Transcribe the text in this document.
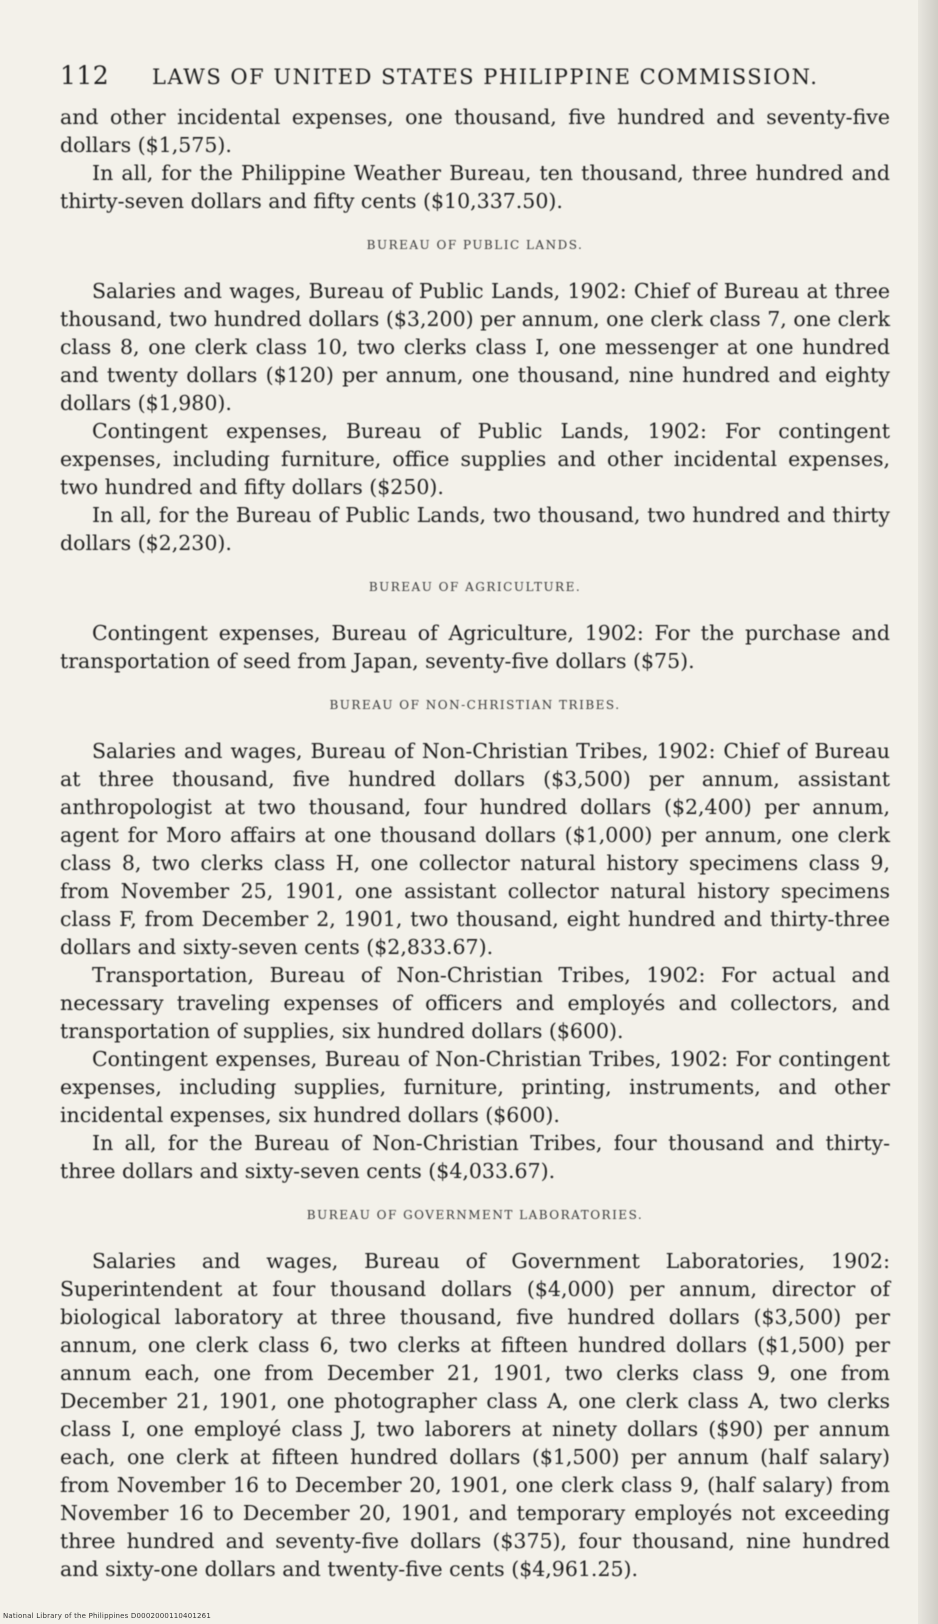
112	LAWS OF UNITED STATES PHILIPPINE COMMISSION.

and other incidental expenses, one thousand, five hundred and seventy-five dollars ($1,575).

In all, for the Philippine Weather Bureau, ten thousand, three hundred and thirty-seven dollars and fifty cents ($10,337.50).

BUREAU OF PUBLIC LANDS.

Salaries and wages, Bureau of Public Lands, 1902: Chief of Bureau at three thousand, two hundred dollars ($3,200) per annum, one clerk class 7, one clerk class 8, one clerk class 10, two clerks class I, one messenger at one hundred and twenty dollars ($120) per annum, one thousand, nine hundred and eighty dollars ($1,980).

Contingent expenses, Bureau of Public Lands, 1902: For contingent expenses, including furniture, office supplies and other incidental expenses, two hundred and fifty dollars ($250).

In all, for the Bureau of Public Lands, two thousand, two hundred and thirty dollars ($2,230).

BUREAU OF AGRICULTURE.

Contingent expenses, Bureau of Agriculture, 1902: For the purchase and transportation of seed from Japan, seventy-five dollars ($75).

BUREAU OF NON-CHRISTIAN TRIBES.

Salaries and wages, Bureau of Non-Christian Tribes, 1902: Chief of Bureau at three thousand, five hundred dollars ($3,500) per annum, assistant anthropologist at two thousand, four hundred dollars ($2,400) per annum, agent for Moro affairs at one thousand dollars ($1,000) per annum, one clerk class 8, two clerks class H, one collector natural history specimens class 9, from November 25, 1901, one assistant collector natural history specimens class F, from December 2, 1901, two thousand, eight hundred and thirty-three dollars and sixty-seven cents ($2,833.67).

Transportation, Bureau of Non-Christian Tribes, 1902: For actual and necessary traveling expenses of officers and employés and collectors, and transportation of supplies, six hundred dollars ($600).

Contingent expenses, Bureau of Non-Christian Tribes, 1902: For contingent expenses, including supplies, furniture, printing, instruments, and other incidental expenses, six hundred dollars ($600).

In all, for the Bureau of Non-Christian Tribes, four thousand and thirty-three dollars and sixty-seven cents ($4,033.67).

BUREAU OF GOVERNMENT LABORATORIES.

Salaries and wages, Bureau of Government Laboratories, 1902: Superintendent at four thousand dollars ($4,000) per annum, director of biological laboratory at three thousand, five hundred dollars ($3,500) per annum, one clerk class 6, two clerks at fifteen hundred dollars ($1,500) per annum each, one from December 21, 1901, two clerks class 9, one from December 21, 1901, one photographer class A, one clerk class A, two clerks class I, one employé class J, two laborers at ninety dollars ($90) per annum each, one clerk at fifteen hundred dollars ($1,500) per annum (half salary) from November 16 to December 20, 1901, one clerk class 9, (half salary) from November 16 to December 20, 1901, and temporary employés not exceeding three hundred and seventy-five dollars ($375), four thousand, nine hundred and sixty-one dollars and twenty-five cents ($4,961.25).

National Library of the Philippines D0002000110401261
